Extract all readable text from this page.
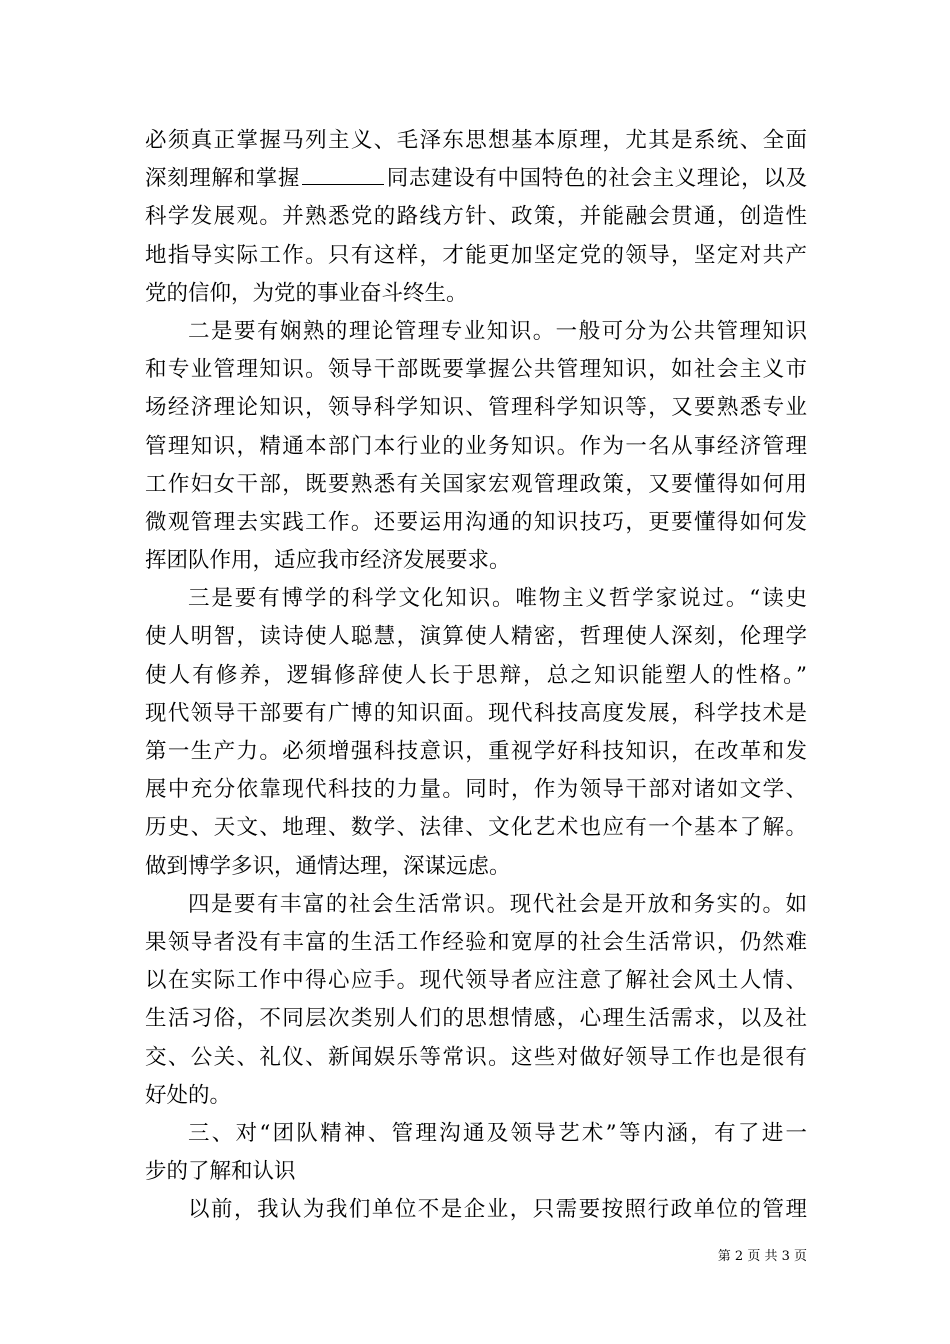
必须真正掌握马列主义、毛泽东思想基本原理，尤其是系统、全面
深刻理解和掌握	同志建设有中国特色的社会主义理论，以及
科学发展观。并熟悉党的路线方针、政策，并能融会贯通，创造性
地指导实际工作。只有这样，才能更加坚定党的领导，坚定对共产
党的信仰，为党的事业奋斗终生。
二是要有娴熟的理论管理专业知识。一般可分为公共管理知识
和专业管理知识。领导干部既要掌握公共管理知识，如社会主义市
场经济理论知识，领导科学知识、管理科学知识等，又要熟悉专业
管理知识，精通本部门本行业的业务知识。作为一名从事经济管理
工作妇女干部，既要熟悉有关国家宏观管理政策，又要懂得如何用
微观管理去实践工作。还要运用沟通的知识技巧，更要懂得如何发
挥团队作用，适应我市经济发展要求。
三是要有博学的科学文化知识。唯物主义哲学家说过。“读史
使人明智，读诗使人聪慧，演算使人精密，哲理使人深刻，伦理学
使人有修养，逻辑修辞使人长于思辩，总之知识能塑人的性格。”
现代领导干部要有广博的知识面。现代科技高度发展，科学技术是
第一生产力。必须增强科技意识，重视学好科技知识，在改革和发
展中充分依靠现代科技的力量。同时，作为领导干部对诸如文学、
历史、天文、地理、数学、法律、文化艺术也应有一个基本了解。
做到博学多识，通情达理，深谋远虑。
四是要有丰富的社会生活常识。现代社会是开放和务实的。如
果领导者没有丰富的生活工作经验和宽厚的社会生活常识，仍然难
以在实际工作中得心应手。现代领导者应注意了解社会风土人情、
生活习俗，不同层次类别人们的思想情感，心理生活需求，以及社
交、公关、礼仪、新闻娱乐等常识。这些对做好领导工作也是很有
好处的。
三、对“团队精神、管理沟通及领导艺术”等内涵，有了进一
步的了解和认识
以前，我认为我们单位不是企业，只需要按照行政单位的管理
第 2 页 共 3 页
